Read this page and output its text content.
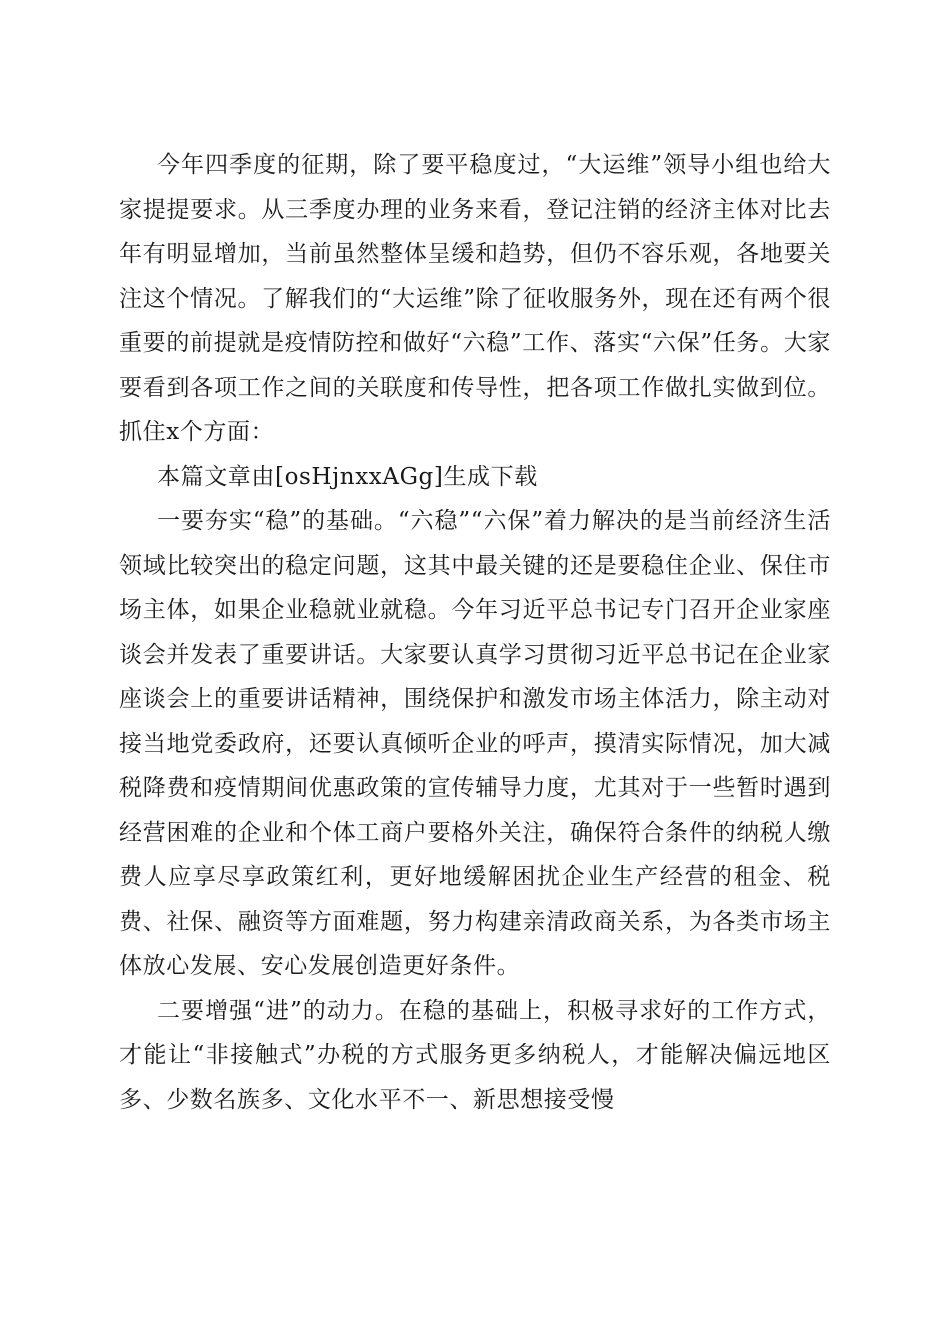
今年四季度的征期，除了要平稳度过，“大运维”领导小组也给大家提提要求。从三季度办理的业务来看，登记注销的经济主体对比去年有明显增加，当前虽然整体呈缓和趋势，但仍不容乐观，各地要关注这个情况。了解我们的“大运维”除了征收服务外，现在还有两个很重要的前提就是疫情防控和做好“六稳”工作、落实“六保”任务。大家要看到各项工作之间的关联度和传导性，把各项工作做扎实做到位。抓住x个方面：

本篇文章由[osHjnxxAGg]生成下载

一要夯实“稳”的基础。“六稳”“六保”着力解决的是当前经济生活领域比较突出的稳定问题，这其中最关键的还是要稳住企业、保住市场主体，如果企业稳就业就稳。今年习近平总书记专门召开企业家座谈会并发表了重要讲话。大家要认真学习贯彻习近平总书记在企业家座谈会上的重要讲话精神，围绕保护和激发市场主体活力，除主动对接当地党委政府，还要认真倾听企业的呼声，摸清实际情况，加大减税降费和疫情期间优惠政策的宣传辅导力度，尤其对于一些暂时遇到经营困难的企业和个体工商户要格外关注，确保符合条件的纳税人缴费人应享尽享政策红利，更好地缓解困扰企业生产经营的租金、税费、社保、融资等方面难题，努力构建亲清政商关系，为各类市场主体放心发展、安心发展创造更好条件。

二要增强“进”的动力。在稳的基础上，积极寻求好的工作方式，才能让“非接触式”办税的方式服务更多纳税人，才能解决偏远地区多、少数名族多、文化水平不一、新思想接受慢
